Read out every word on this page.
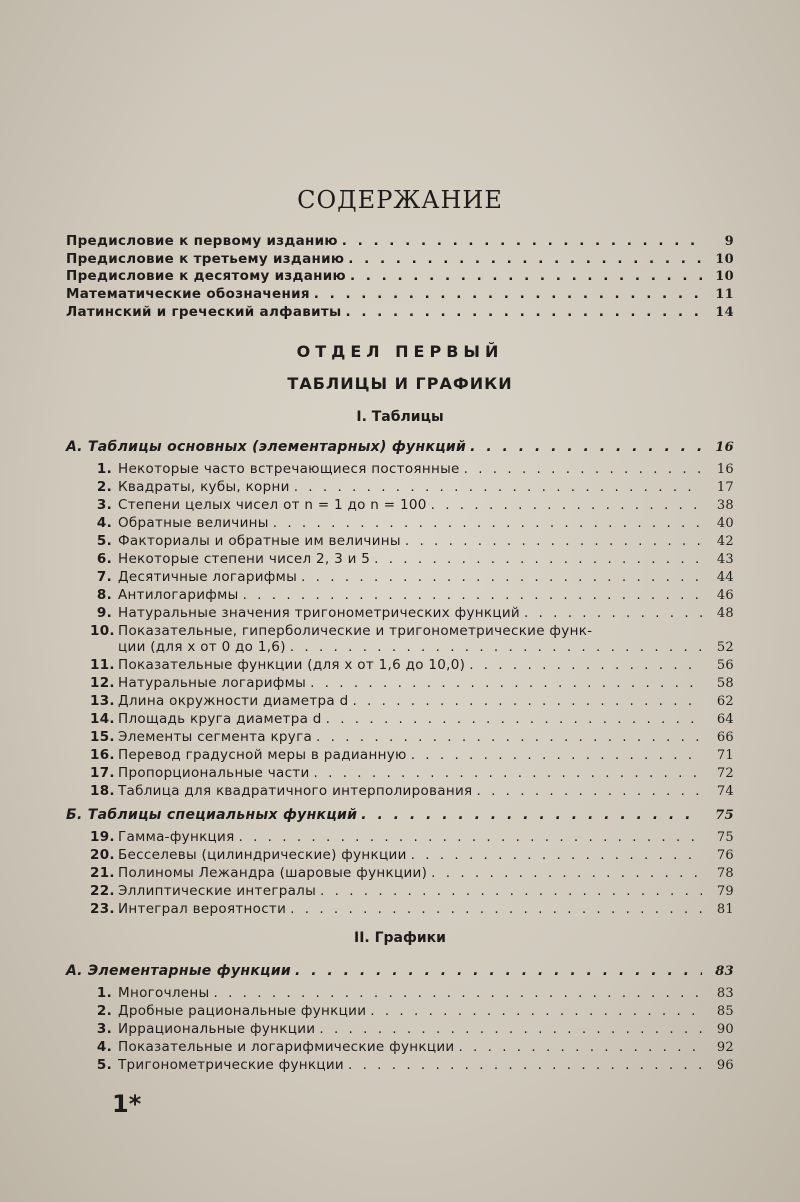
СОДЕРЖАНИЕ
Предисловие к первому изданию . . .	9
Предисловие к третьему изданию . . .	10
Предисловие к десятому изданию . . .	10
Математические обозначения . . .	11
Латинский и греческий алфавиты . . .	14
ОТДЕЛ ПЕРВЫЙ
ТАБЛИЦЫ И ГРАФИКИ
I. Таблицы
А. Таблицы основных (элементарных) функций . . .	16
1. Некоторые часто встречающиеся постоянные . . .	16
2. Квадраты, кубы, корни . . .	17
3. Степени целых чисел от n = 1 до n = 100 . . .	38
4. Обратные величины . . .	40
5. Факториалы и обратные им величины . . .	42
6. Некоторые степени чисел 2, 3 и 5 . . .	43
7. Десятичные логарифмы . . .	44
8. Антилогарифмы . . .	46
9. Натуральные значения тригонометрических функций . . .	48
10. Показательные, гиперболические и тригонометрические функ-
ции (для x от 0 до 1,6) . . .	52
11. Показательные функции (для x от 1,6 до 10,0) . . .	56
12. Натуральные логарифмы . . .	58
13. Длина окружности диаметра d . . .	62
14. Площадь круга диаметра d . . .	64
15. Элементы сегмента круга . . .	66
16. Перевод градусной меры в радианную . . .	71
17. Пропорциональные части . . .	72
18. Таблица для квадратичного интерполирования . . .	74
Б. Таблицы специальных функций . . .	75
19. Гамма-функция . . .	75
20. Бесселевы (цилиндрические) функции . . .	76
21. Полиномы Лежандра (шаровые функции) . . .	78
22. Эллиптические интегралы . . .	79
23. Интеграл вероятности . . .	81
II. Графики
А. Элементарные функции . . .	83
1. Многочлены . . .	83
2. Дробные рациональные функции . . .	85
3. Иррациональные функции . . .	90
4. Показательные и логарифмические функции . . .	92
5. Тригонометрические функции . . .	96
1*
